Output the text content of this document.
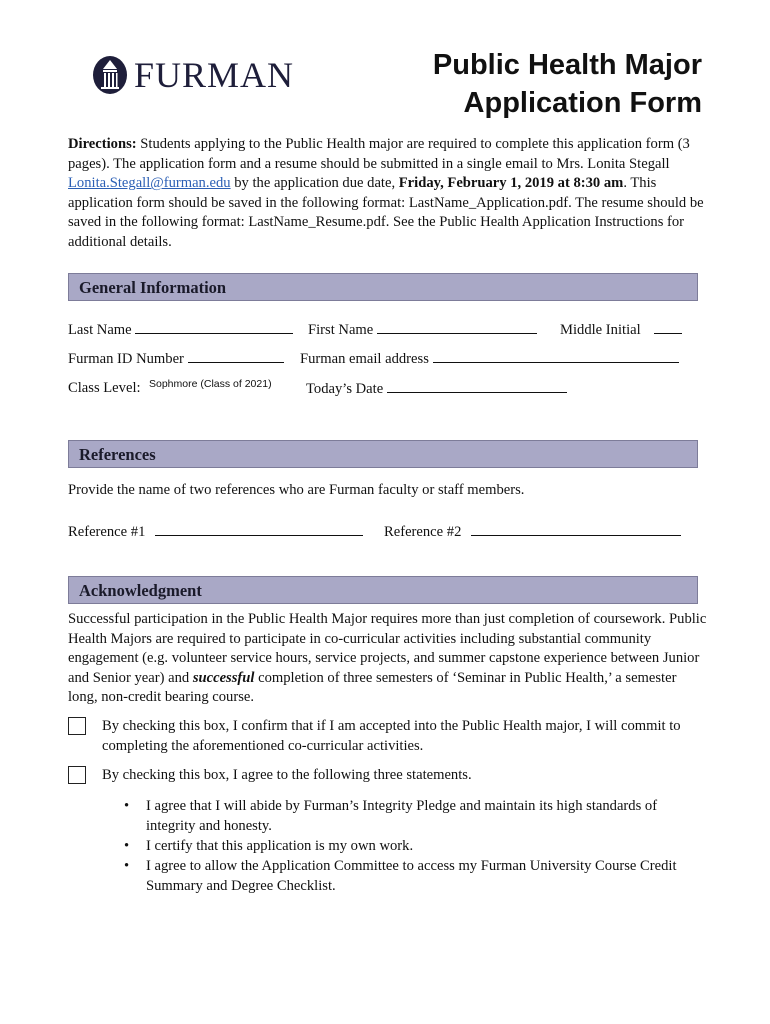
FURMAN	Public Health Major
Application Form
Directions: Students applying to the Public Health major are required to complete this application form (3 pages). The application form and a resume should be submitted in a single email to Mrs. Lonita Stegall Lonita.Stegall@furman.edu by the application due date, Friday, February 1, 2019 at 8:30 am. This application form should be saved in the following format: LastName_Application.pdf. The resume should be saved in the following format: LastName_Resume.pdf. See the Public Health Application Instructions for additional details.
General Information
Last Name	First Name	Middle Initial
Furman ID Number	Furman email address
Class Level: Sophmore (Class of 2021) Today’s Date
References
Provide the name of two references who are Furman faculty or staff members.
Reference #1	Reference #2
Acknowledgment
Successful participation in the Public Health Major requires more than just completion of coursework. Public Health Majors are required to participate in co-curricular activities including substantial community engagement (e.g. volunteer service hours, service projects, and summer capstone experience between Junior and Senior year) and successful completion of three semesters of ‘Seminar in Public Health,’ a semester long, non-credit bearing course.
By checking this box, I confirm that if I am accepted into the Public Health major, I will commit to completing the aforementioned co-curricular activities.
By checking this box, I agree to the following three statements.
• I agree that I will abide by Furman’s Integrity Pledge and maintain its high standards of integrity and honesty.
• I certify that this application is my own work.
• I agree to allow the Application Committee to access my Furman University Course Credit Summary and Degree Checklist.
